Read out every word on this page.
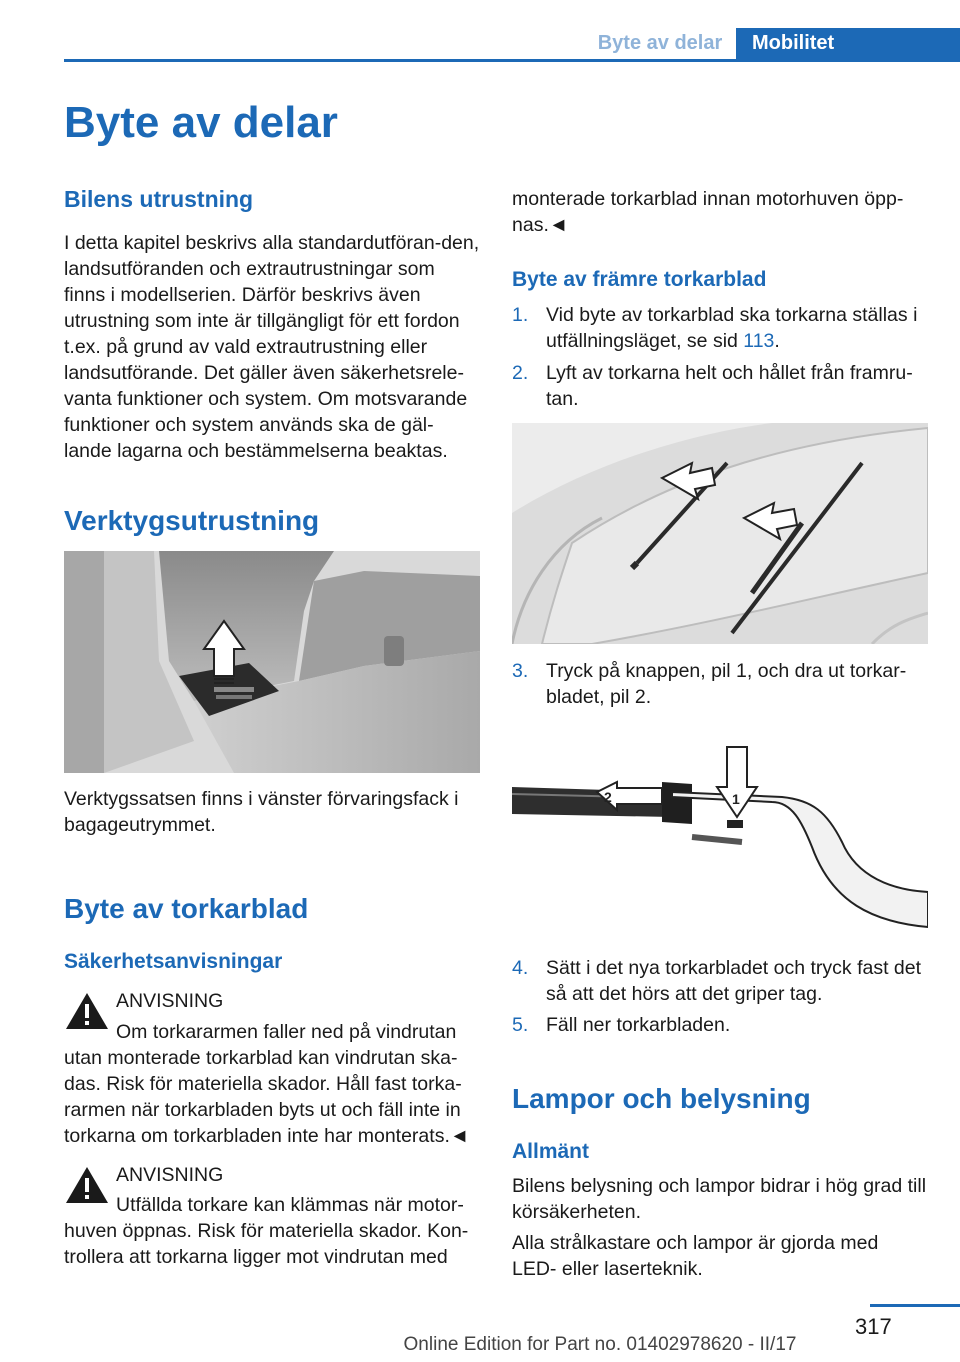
Byte av delar	Mobilitet
Byte av delar
Bilens utrustning

I detta kapitel beskrivs alla standardutföran-den, landsutföranden och extrautrustningar som finns i modellserien. Därför beskrivs även utrustning som inte är tillgängligt för ett fordon t.ex. på grund av vald extrautrustning eller landsutförande. Det gäller även säkerhetsrele-vanta funktioner och system. Om motsvarande funktioner och system används ska de gäl-lande lagarna och bestämmelserna beaktas.

Verktygsutrustning

Verktygssatsen finns i vänster förvaringsfack i bagageutrymmet.

Byte av torkarblad
Säkerhetsanvisningar
ANVISNING
Om torkararmen faller ned på vindrutan utan monterade torkarblad kan vindrutan ska-das. Risk för materiella skador. Håll fast torka-rarmen när torkarbladen byts ut och fäll inte in torkarna om torkarbladen inte har monterats.◄
ANVISNING
Utfällda torkare kan klämmas när motor-huven öppnas. Risk för materiella skador. Kon-trollera att torkarna ligger mot vindrutan med

monterade torkarblad innan motorhuven öpp-nas.◄

Byte av främre torkarblad
1. Vid byte av torkarblad ska torkarna ställas i utfällningsläget, se sid 113.
2. Lyft av torkarna helt och hållet från framru-tan.
3. Tryck på knappen, pil 1, och dra ut torkar-bladet, pil 2.
2	1
4. Sätt i det nya torkarbladet och tryck fast det så att det hörs att det griper tag.
5. Fäll ner torkarbladen.
Lampor och belysning
Allmänt

Bilens belysning och lampor bidrar i hög grad till körsäkerheten.

Alla strålkastare och lampor är gjorda med LED- eller laserteknik.

317
Online Edition for Part no. 01402978620 - II/17
